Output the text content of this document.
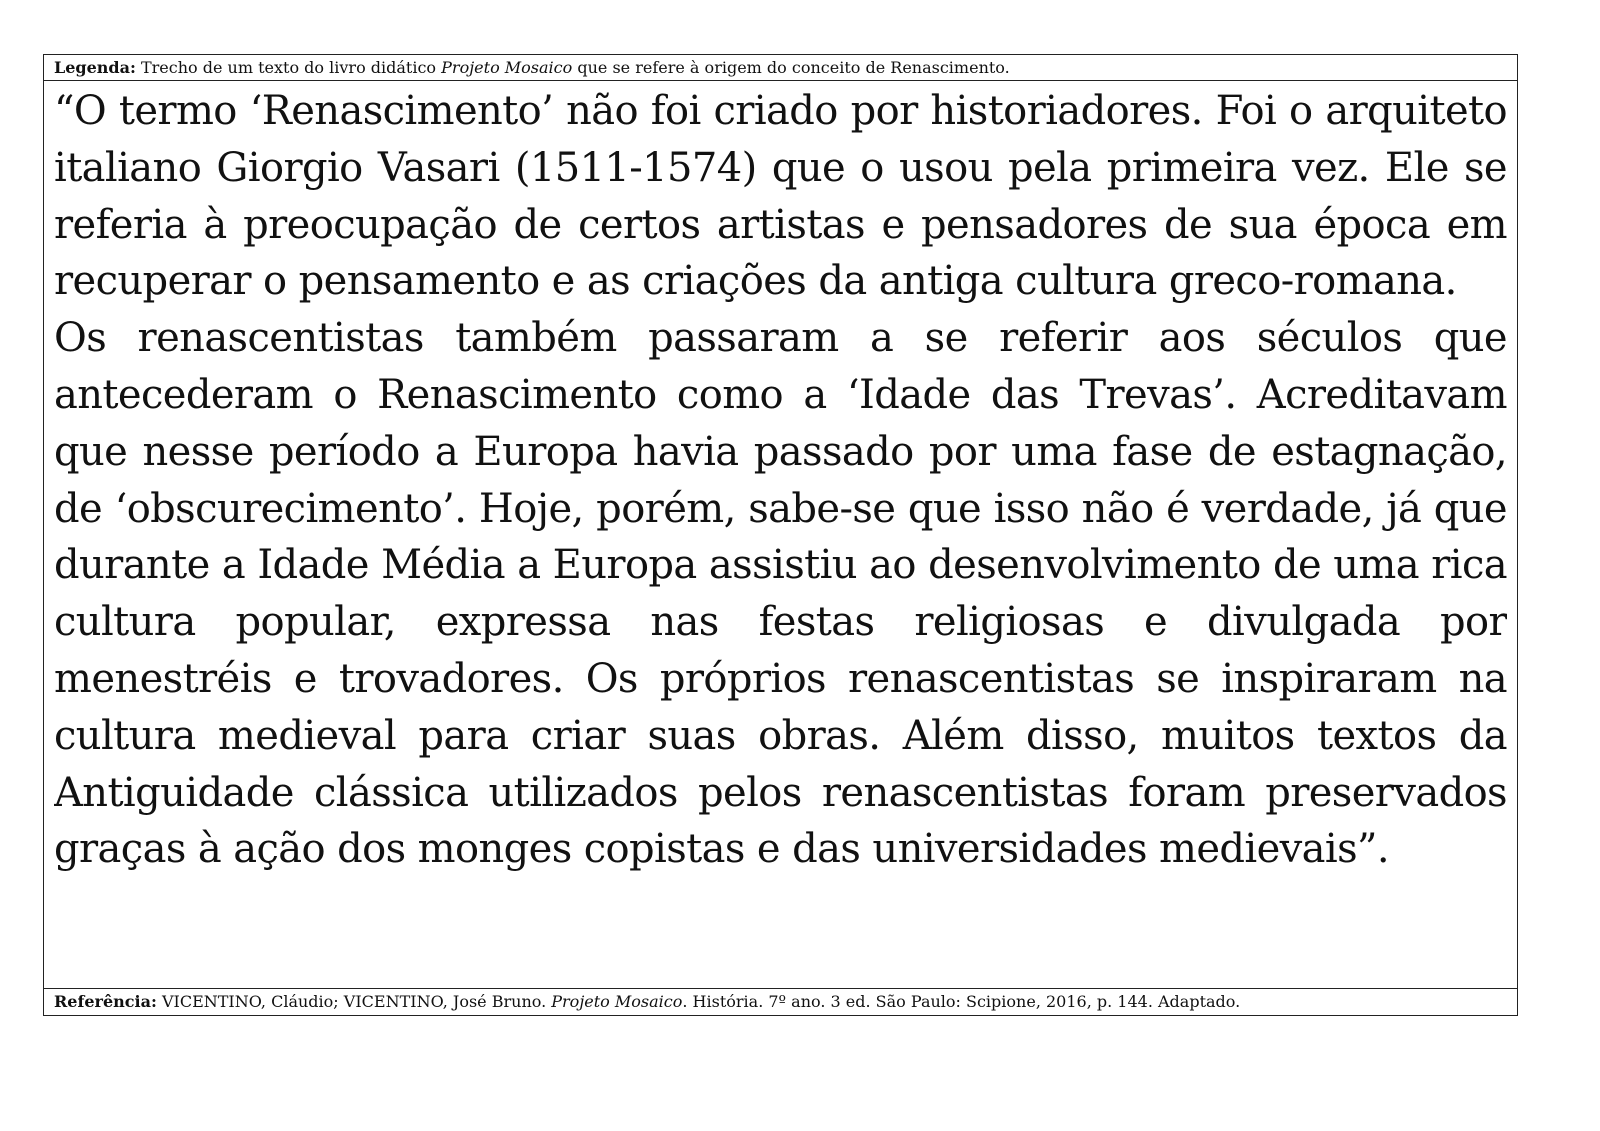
Legenda: Trecho de um texto do livro didático Projeto Mosaico que se refere à origem do conceito de Renascimento.

“O termo ‘Renascimento’ não foi criado por historiadores. Foi o arquiteto italiano Giorgio Vasari (1511-1574) que o usou pela primeira vez. Ele se referia à preocupação de certos artistas e pensadores de sua época em recuperar o pensamento e as criações da antiga cultura greco-romana.

Os renascentistas também passaram a se referir aos séculos que antecederam o Renascimento como a ‘Idade das Trevas’. Acreditavam que nesse período a Europa havia passado por uma fase de estagnação, de ‘obscurecimento’. Hoje, porém, sabe-se que isso não é verdade, já que durante a Idade Média a Europa assistiu ao desenvolvimento de uma rica cultura popular, expressa nas festas religiosas e divulgada por menestréis e trovadores. Os próprios renascentistas se inspiraram na cultura medieval para criar suas obras. Além disso, muitos textos da Antiguidade clássica utilizados pelos renascentistas foram preservados graças à ação dos monges copistas e das universidades medievais”.

Referência: VICENTINO, Cláudio; VICENTINO, José Bruno. Projeto Mosaico. História. 7º ano. 3 ed. São Paulo: Scipione, 2016, p. 144. Adaptado.
